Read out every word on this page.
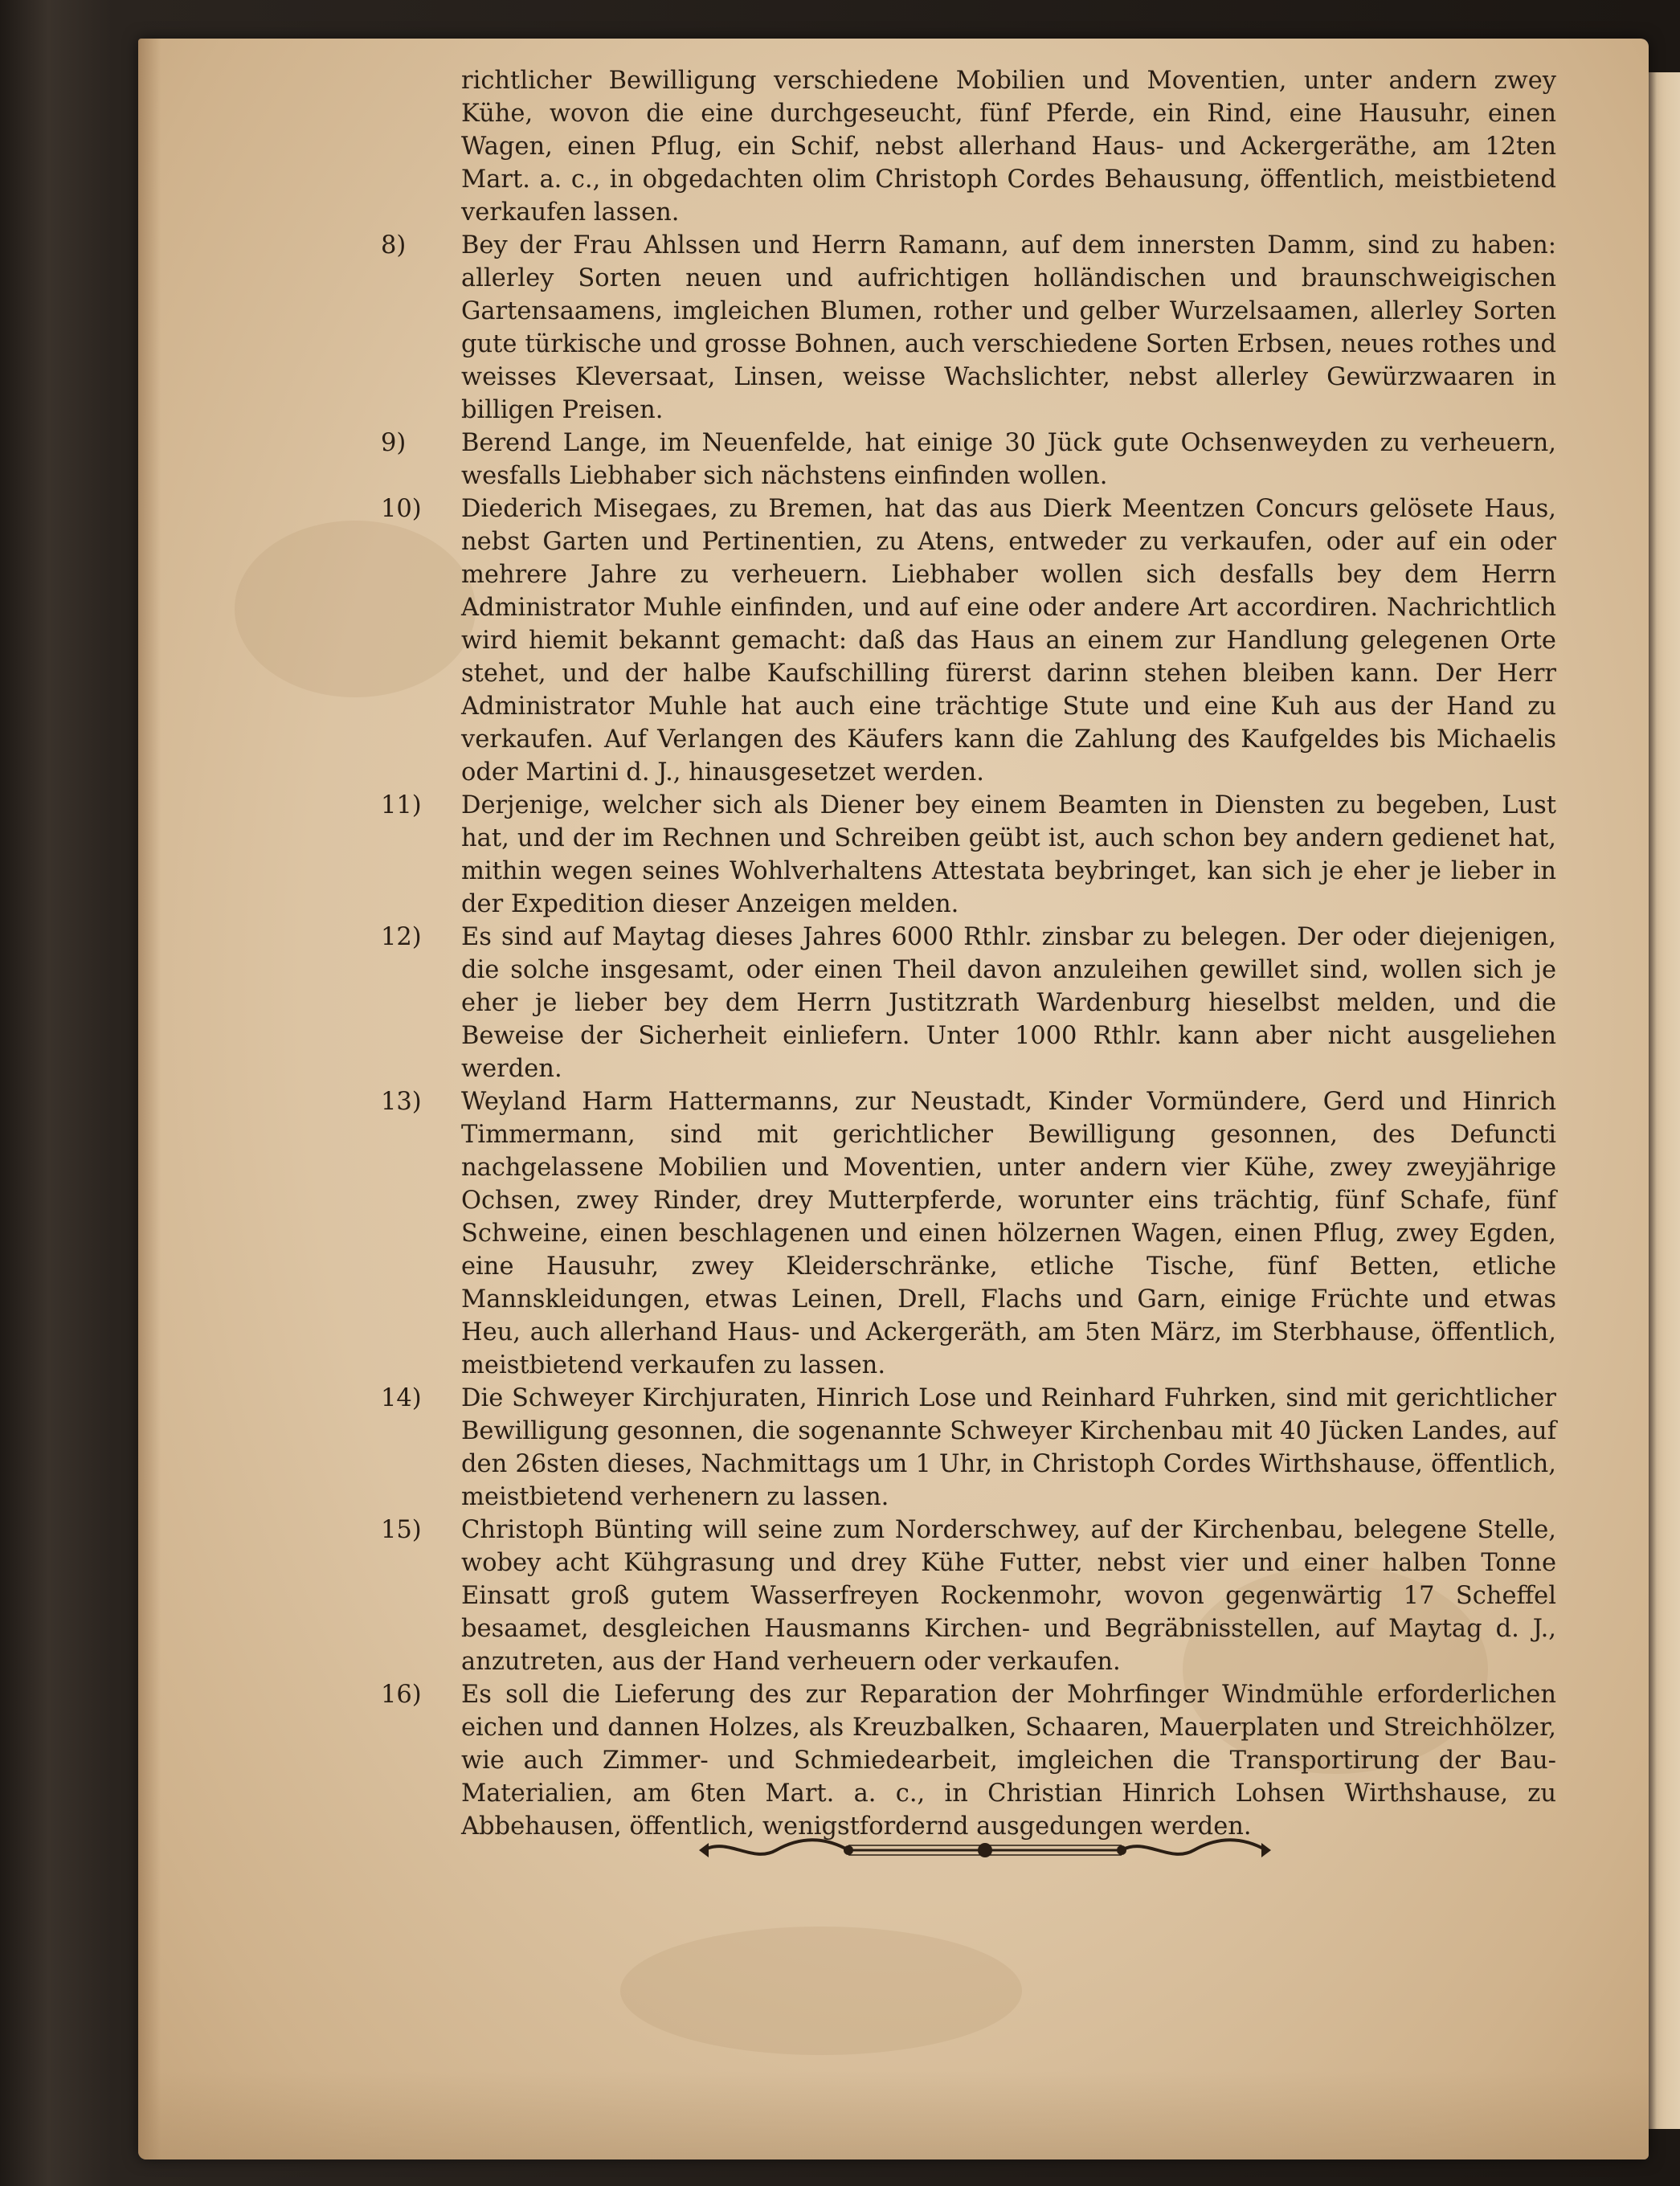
richtlicher Bewilligung verschiedene Mobilien und Moventien, unter andern zwey Kühe, wovon die eine durchgeseucht, fünf Pferde, ein Rind, eine Hausuhr, einen Wagen, einen Pflug, ein Schif, nebst allerhand Haus- und Ackergeräthe, am 12ten Mart. a. c., in obgedachten olim Christoph Cordes Behausung, öffentlich, meistbietend verkaufen lassen.

8)	Bey der Frau Ahlssen und Herrn Ramann, auf dem innersten Damm, sind zu haben: allerley Sorten neuen und aufrichtigen holländischen und braunschweigischen Gartensaamens, imgleichen Blumen, rother und gelber Wurzelsaamen, allerley Sorten gute türkische und grosse Bohnen, auch verschiedene Sorten Erbsen, neues rothes und weisses Kleversaat, Linsen, weisse Wachslichter, nebst allerley Gewürzwaaren in billigen Preisen.

9)	Berend Lange, im Neuenfelde, hat einige 30 Jück gute Ochsenweyden zu verheuern, wesfalls Liebhaber sich nächstens einfinden wollen.

10)	Diederich Misegaes, zu Bremen, hat das aus Dierk Meentzen Concurs gelösete Haus, nebst Garten und Pertinentien, zu Atens, entweder zu verkaufen, oder auf ein oder mehrere Jahre zu verheuern. Liebhaber wollen sich desfalls bey dem Herrn Administrator Muhle einfinden, und auf eine oder andere Art accordiren. Nachrichtlich wird hiemit bekannt gemacht: daß das Haus an einem zur Handlung gelegenen Orte stehet, und der halbe Kaufschilling fürerst darinn stehen bleiben kann. Der Herr Administrator Muhle hat auch eine trächtige Stute und eine Kuh aus der Hand zu verkaufen. Auf Verlangen des Käufers kann die Zahlung des Kaufgeldes bis Michaelis oder Martini d. J., hinausgesetzet werden.

11)	Derjenige, welcher sich als Diener bey einem Beamten in Diensten zu begeben, Lust hat, und der im Rechnen und Schreiben geübt ist, auch schon bey andern gedienet hat, mithin wegen seines Wohlverhaltens Attestata beybringet, kan sich je eher je lieber in der Expedition dieser Anzeigen melden.

12)	Es sind auf Maytag dieses Jahres 6000 Rthlr. zinsbar zu belegen. Der oder diejenigen, die solche insgesamt, oder einen Theil davon anzuleihen gewillet sind, wollen sich je eher je lieber bey dem Herrn Justitzrath Wardenburg hieselbst melden, und die Beweise der Sicherheit einliefern. Unter 1000 Rthlr. kann aber nicht ausgeliehen werden.

13)	Weyland Harm Hattermanns, zur Neustadt, Kinder Vormündere, Gerd und Hinrich Timmermann, sind mit gerichtlicher Bewilligung gesonnen, des Defuncti nachgelassene Mobilien und Moventien, unter andern vier Kühe, zwey zweyjährige Ochsen, zwey Rinder, drey Mutterpferde, worunter eins trächtig, fünf Schafe, fünf Schweine, einen beschlagenen und einen hölzernen Wagen, einen Pflug, zwey Egden, eine Hausuhr, zwey Kleiderschränke, etliche Tische, fünf Betten, etliche Mannskleidungen, etwas Leinen, Drell, Flachs und Garn, einige Früchte und etwas Heu, auch allerhand Haus- und Ackergeräth, am 5ten März, im Sterbhause, öffentlich, meistbietend verkaufen zu lassen.

14)	Die Schweyer Kirchjuraten, Hinrich Lose und Reinhard Fuhrken, sind mit gerichtlicher Bewilligung gesonnen, die sogenannte Schweyer Kirchenbau mit 40 Jücken Landes, auf den 26sten dieses, Nachmittags um 1 Uhr, in Christoph Cordes Wirthshause, öffentlich, meistbietend verhenern zu lassen.

15)	Christoph Bünting will seine zum Norderschwey, auf der Kirchenbau, belegene Stelle, wobey acht Kühgrasung und drey Kühe Futter, nebst vier und einer halben Tonne Einsatt groß gutem Wasserfreyen Rockenmohr, wovon gegenwärtig 17 Scheffel besaamet, desgleichen Hausmanns Kirchen- und Begräbnisstellen, auf Maytag d. J., anzutreten, aus der Hand verheuern oder verkaufen.

16)	Es soll die Lieferung des zur Reparation der Mohrfinger Windmühle erforderlichen eichen und dannen Holzes, als Kreuzbalken, Schaaren, Mauerplaten und Streichhölzer, wie auch Zimmer- und Schmiedearbeit, imgleichen die Transportirung der Bau-Materialien, am 6ten Mart. a. c., in Christian Hinrich Lohsen Wirthshause, zu Abbehausen, öffentlich, wenigstfordernd ausgedungen werden.
